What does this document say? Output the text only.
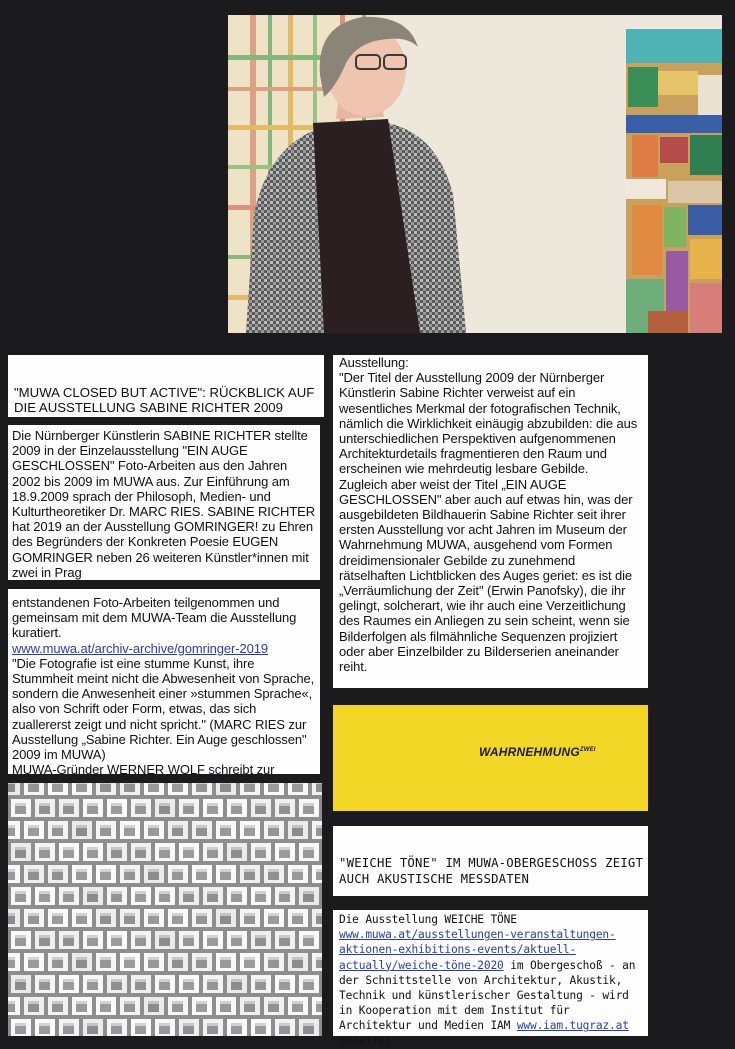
"MUWA CLOSED BUT ACTIVE": RÜCKBLICK AUF DIE AUSSTELLUNG SABINE RICHTER 2009

Die Nürnberger Künstlerin SABINE RICHTER stellte 2009 in der Einzelausstellung "EIN AUGE GESCHLOSSEN" Foto-Arbeiten aus den Jahren 2002 bis 2009 im MUWA aus. Zur Einführung am 18.9.2009 sprach der Philosoph, Medien- und Kulturtheoretiker Dr. MARC RIES. SABINE RICHTER hat 2019 an der Ausstellung GOMRINGER! zu Ehren des Begründers der Konkreten Poesie EUGEN GOMRINGER neben 26 weiteren Künstler*innen mit zwei in Prag

entstandenen Foto-Arbeiten teilgenommen und gemeinsam mit dem MUWA-Team die Ausstellung kuratiert.

www.muwa.at/archiv-archive/gomringer-2019

"Die Fotografie ist eine stumme Kunst, ihre Stummheit meint nicht die Abwesenheit von Sprache, sondern die Anwesenheit einer »stummen Sprache«, also von Schrift oder Form, etwas, das sich zuallererst zeigt und nicht spricht." (MARC RIES zur Ausstellung „Sabine Richter. Ein Auge geschlossen" 2009 im MUWA)

MUWA-Gründer WERNER WOLF schreibt zur

Ausstellung:

"Der Titel der Ausstellung 2009 der Nürnberger Künstlerin Sabine Richter verweist auf ein wesentliches Merkmal der fotografischen Technik, nämlich die Wirklichkeit einäugig abzubilden: die aus unterschiedlichen Perspektiven aufgenommenen Architekturdetails fragmentieren den Raum und erscheinen wie mehrdeutig lesbare Gebilde.

Zugleich aber weist der Titel „EIN AUGE GESCHLOSSEN" aber auch auf etwas hin, was der ausgebildeten Bildhauerin Sabine Richter seit ihrer ersten Ausstellung vor acht Jahren im Museum der Wahrnehmung MUWA, ausgehend vom Formen dreidimensionaler Gebilde zu zunehmend rätselhaften Lichtblicken des Auges geriet: es ist die „Verräumlichung der Zeit" (Erwin Panofsky), die ihr gelingt, solcherart, wie ihr auch eine Verzeitlichung des Raumes ein Anliegen zu sein scheint, wenn sie Bilderfolgen als filmähnliche Sequenzen projiziert oder aber Einzelbilder zu Bilderserien aneinander reiht.

$WAHRNEHMUNG^{ZWEI}$

"WEICHE TÖNE" IM MUWA-OBERGESCHOSS ZEIGT AUCH AKUSTISCHE MESSDATEN

Die Ausstellung WEICHE TÖNE www.muwa.at/ausstellungen-veranstaltungen-aktionen-exhibitions-events/aktuell-actually/weiche-töne-2020 im Obergeschoß - an der Schnittstelle von Architektur, Akustik, Technik und künstlerischer Gestaltung - wird in Kooperation mit dem Institut für Architektur und Medien IAM www.iam.tugraz.at geleitet.
